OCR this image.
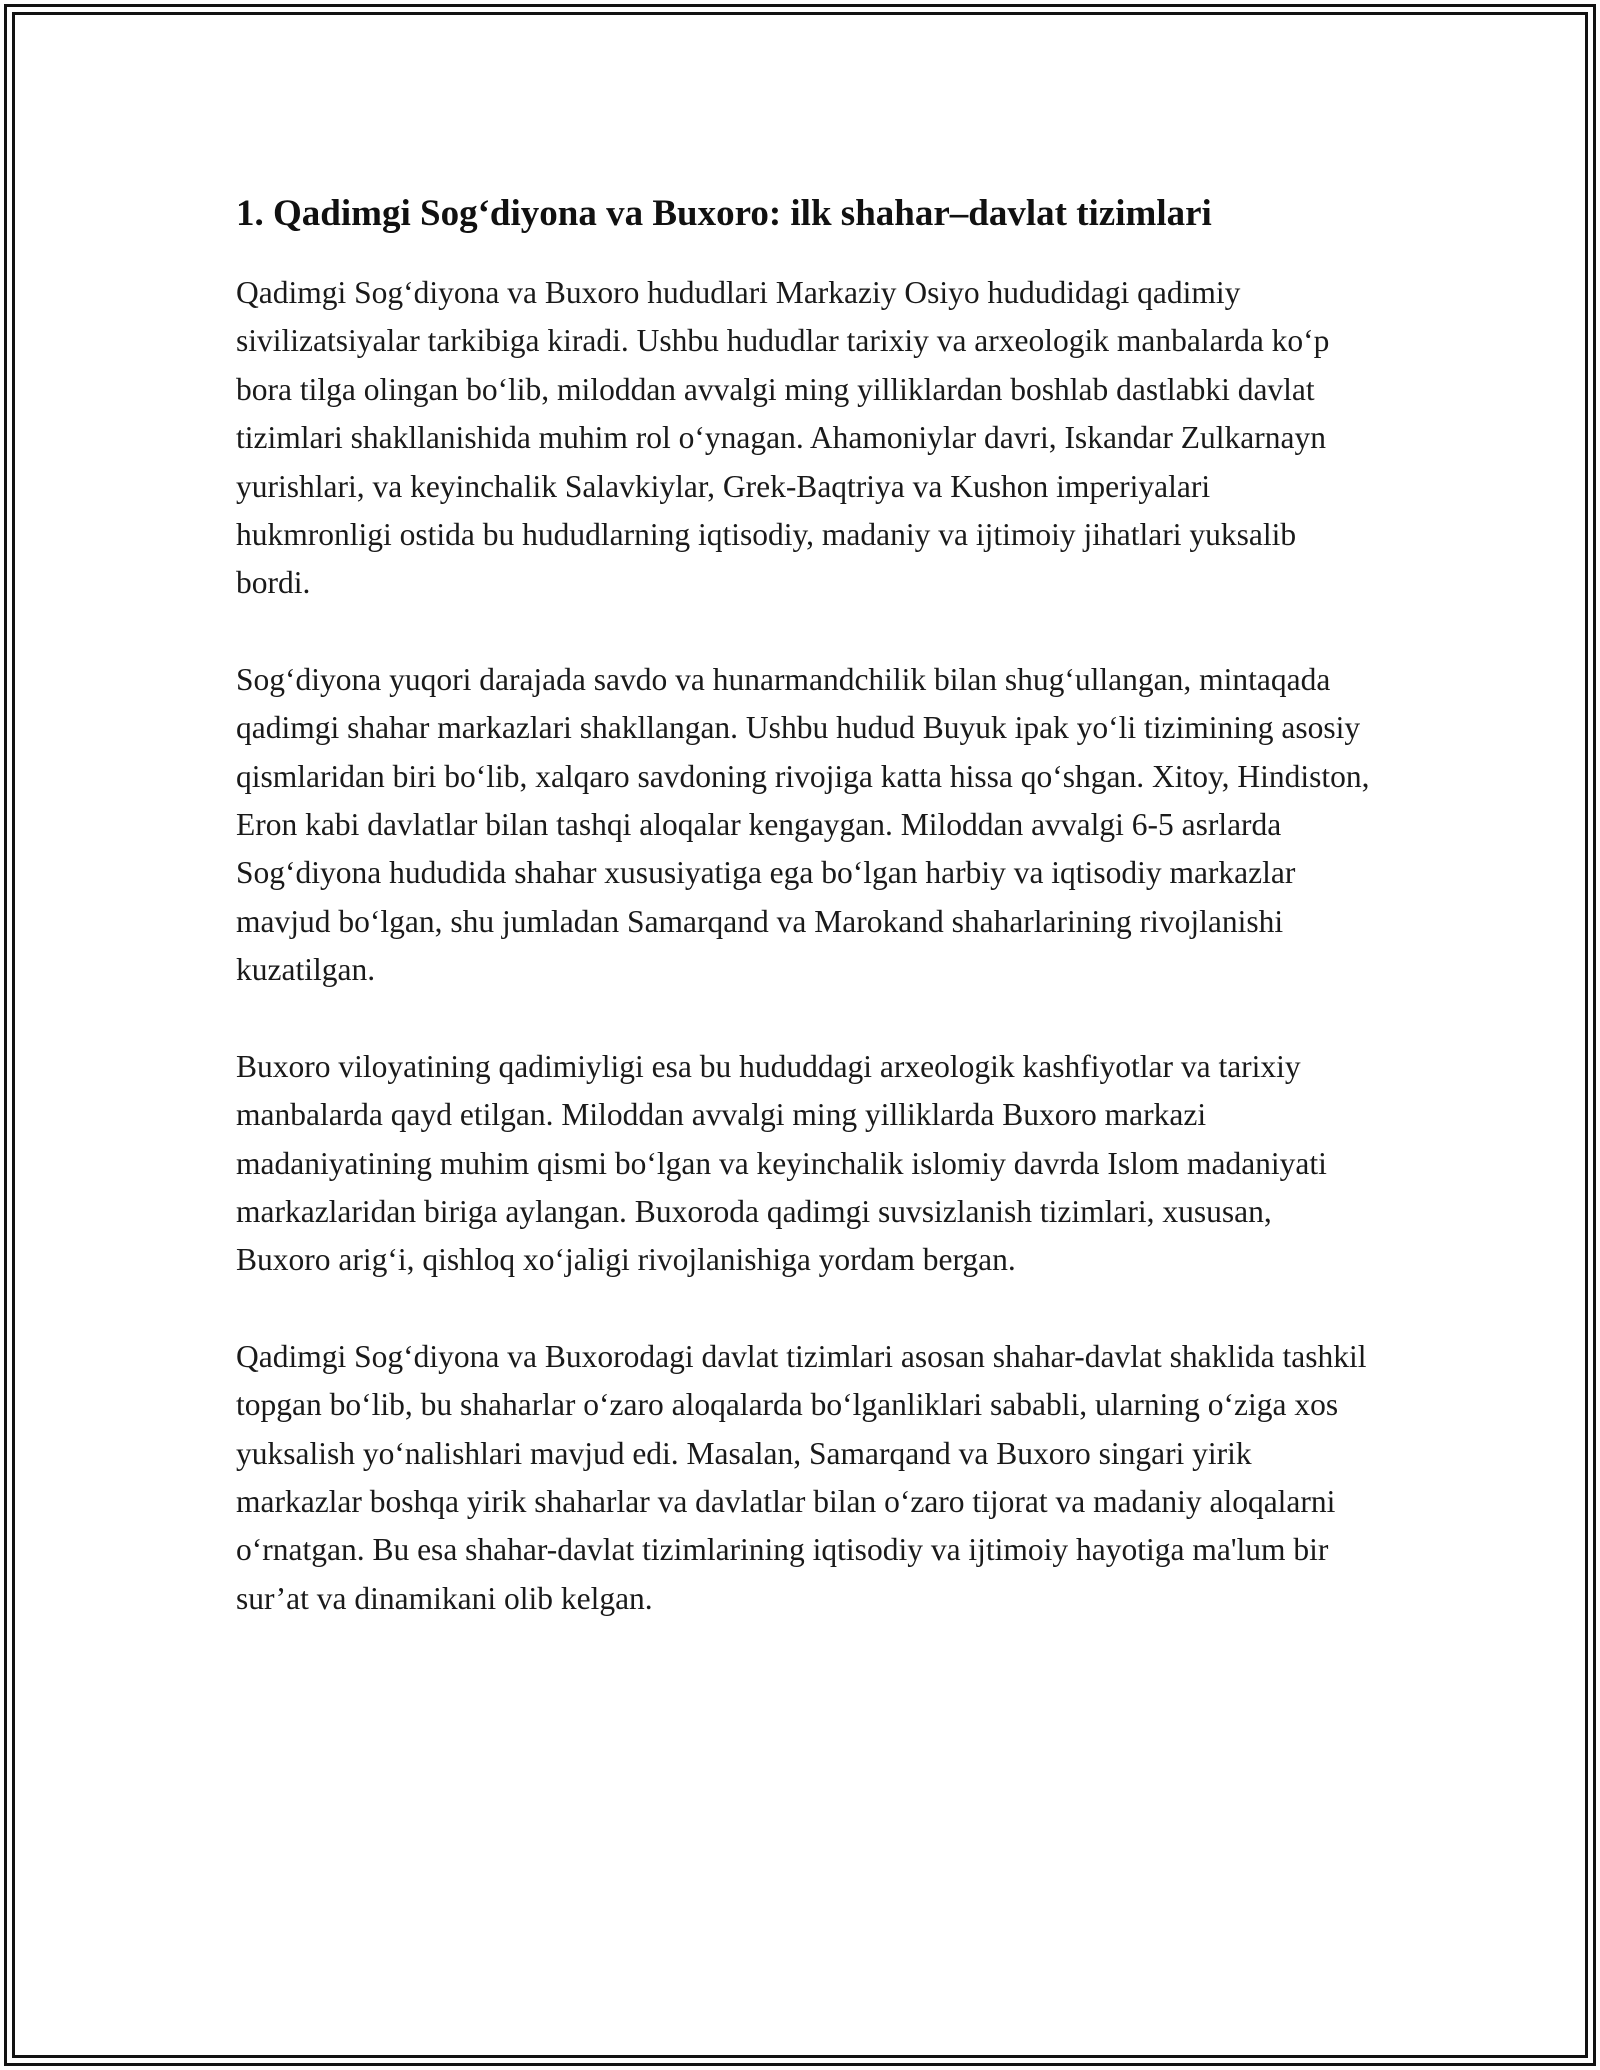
1. Qadimgi Sog‘diyona va Buxoro: ilk shahar–davlat tizimlari

Qadimgi Sog‘diyona va Buxoro hududlari Markaziy Osiyo hududidagi qadimiy sivilizatsiyalar tarkibiga kiradi. Ushbu hududlar tarixiy va arxeologik manbalarda ko‘p bora tilga olingan bo‘lib, miloddan avvalgi ming yilliklardan boshlab dastlabki davlat tizimlari shakllanishida muhim rol o‘ynagan. Ahamoniylar davri, Iskandar Zulkarnayn yurishlari, va keyinchalik Salavkiylar, Grek-Baqtriya va Kushon imperiyalari hukmronligi ostida bu hududlarning iqtisodiy, madaniy va ijtimoiy jihatlari yuksalib bordi.

Sog‘diyona yuqori darajada savdo va hunarmandchilik bilan shug‘ullangan, mintaqada qadimgi shahar markazlari shakllangan. Ushbu hudud Buyuk ipak yo‘li tizimining asosiy qismlaridan biri bo‘lib, xalqaro savdoning rivojiga katta hissa qo‘shgan. Xitoy, Hindiston, Eron kabi davlatlar bilan tashqi aloqalar kengaygan. Miloddan avvalgi 6-5 asrlarda Sog‘diyona hududida shahar xususiyatiga ega bo‘lgan harbiy va iqtisodiy markazlar mavjud bo‘lgan, shu jumladan Samarqand va Marokand shaharlarining rivojlanishi kuzatilgan.

Buxoro viloyatining qadimiyligi esa bu hududdagi arxeologik kashfiyotlar va tarixiy manbalarda qayd etilgan. Miloddan avvalgi ming yilliklarda Buxoro markazi madaniyatining muhim qismi bo‘lgan va keyinchalik islomiy davrda Islom madaniyati markazlaridan biriga aylangan. Buxoroda qadimgi suvsizlanish tizimlari, xususan, Buxoro arig‘i, qishloq xo‘jaligi rivojlanishiga yordam bergan.

Qadimgi Sog‘diyona va Buxorodagi davlat tizimlari asosan shahar-davlat shaklida tashkil topgan bo‘lib, bu shaharlar o‘zaro aloqalarda bo‘lganliklari sababli, ularning o‘ziga xos yuksalish yo‘nalishlari mavjud edi. Masalan, Samarqand va Buxoro singari yirik markazlar boshqa yirik shaharlar va davlatlar bilan o‘zaro tijorat va madaniy aloqalarni o‘rnatgan. Bu esa shahar-davlat tizimlarining iqtisodiy va ijtimoiy hayotiga ma'lum bir sur’at va dinamikani olib kelgan.
